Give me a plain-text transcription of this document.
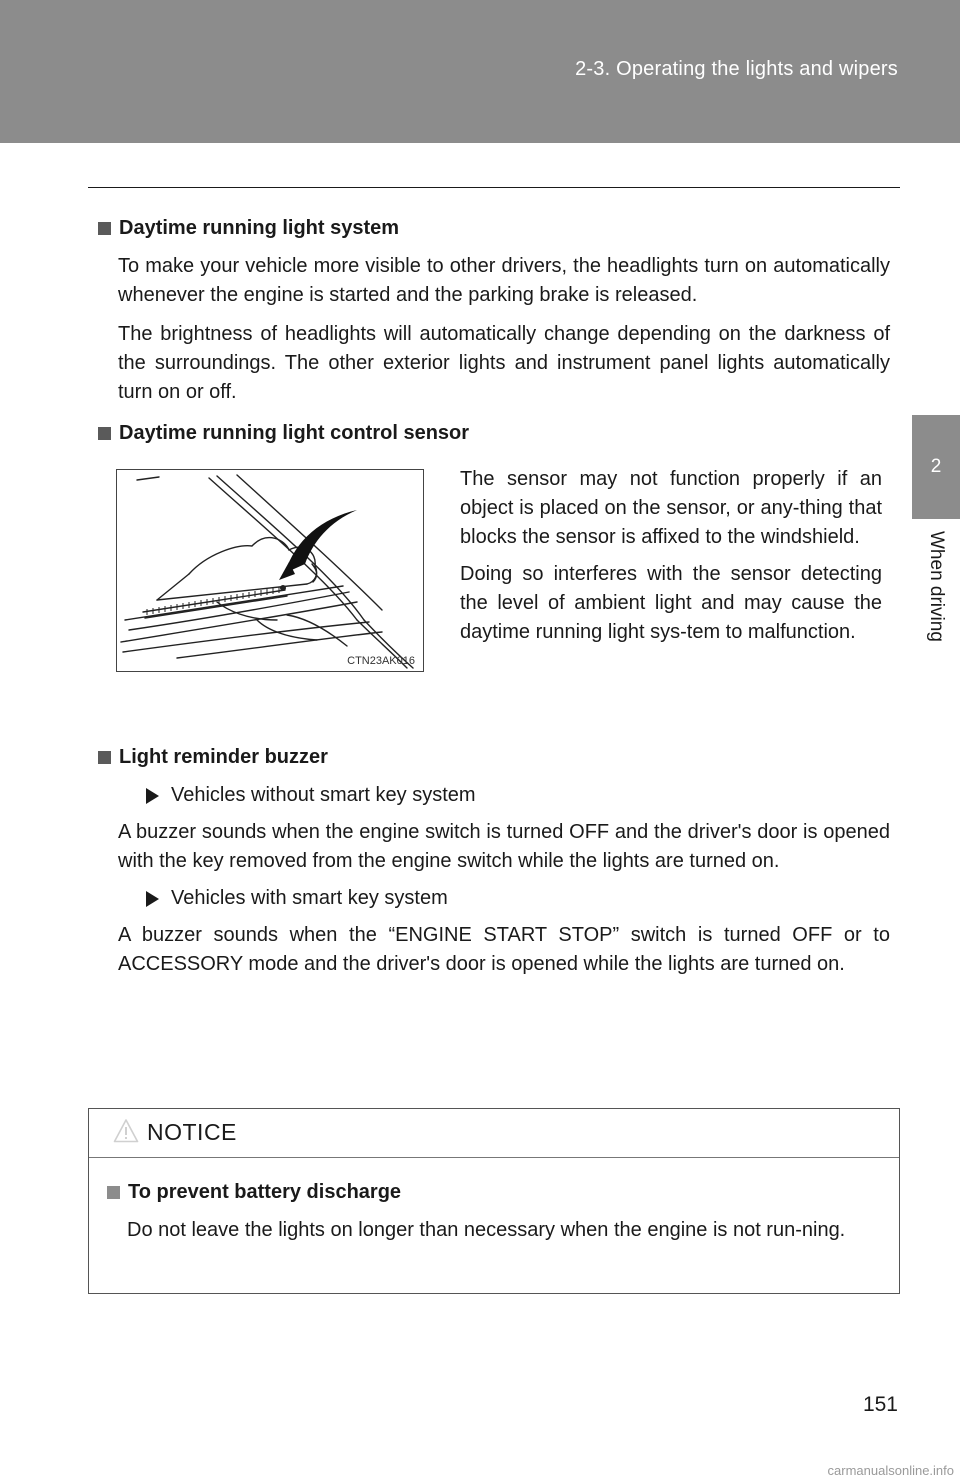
2-3. Operating the lights and wipers
2
When driving
Daytime running light system

To make your vehicle more visible to other drivers, the headlights turn on automatically whenever the engine is started and the parking brake is released.

The brightness of headlights will automatically change depending on the darkness of the surroundings. The other exterior lights and instrument panel lights automatically turn on or off.

Daytime running light control sensor
CTN23AK016

The sensor may not function properly if an object is placed on the sensor, or any-thing that blocks the sensor is affixed to the windshield.

Doing so interferes with the sensor detecting the level of ambient light and may cause the daytime running light sys-tem to malfunction.

Light reminder buzzer
Vehicles without smart key system

A buzzer sounds when the engine switch is turned OFF and the driver's door is opened with the key removed from the engine switch while the lights are turned on.

Vehicles with smart key system

A buzzer sounds when the “ENGINE START STOP” switch is turned OFF or to ACCESSORY mode and the driver's door is opened while the lights are turned on.

NOTICE
To prevent battery discharge

Do not leave the lights on longer than necessary when the engine is not run-ning.

151
carmanualsonline.info
